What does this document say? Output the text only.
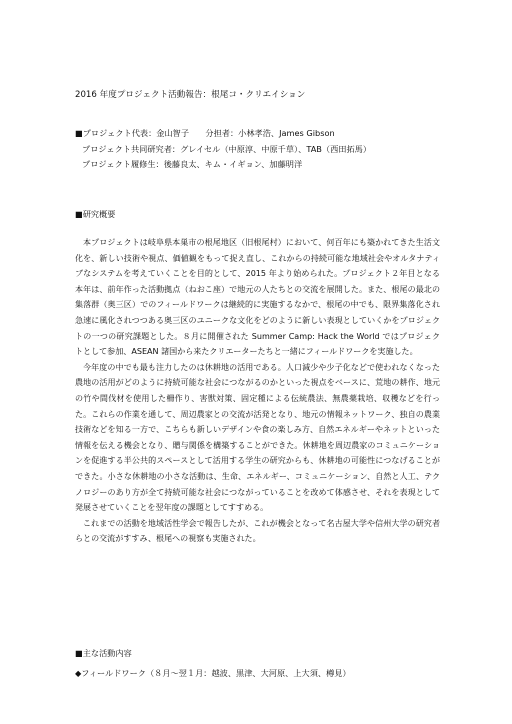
2016 年度プロジェクト活動報告：根尾コ・クリエイション
■プロジェクト代表：金山智子　　分担者：小林孝浩、James Gibson
プロジェクト共同研究者：グレイセル（中原淳、中原千草）、TAB（西田拓馬）
プロジェクト履修生：後藤良太、キム・イギョン、加藤明洋
■研究概要

本プロジェクトは岐阜県本巣市の根尾地区（旧根尾村）において、何百年にも築かれてきた生活文化を、新しい技術や視点、価値観をもって捉え直し、これからの持続可能な地域社会やオルタナティブなシステムを考えていくことを目的として、2015 年より始められた。プロジェクト２年目となる本年は、前年作った活動拠点（ねおこ座）で地元の人たちとの交流を展開した。また、根尾の最北の集落群（奥三区）でのフィールドワークは継続的に実施するなかで、根尾の中でも、限界集落化され急速に風化されつつある奥三区のユニークな文化をどのように新しい表現としていくかをプロジェクトの一つの研究課題とした。８月に開催された Summer Camp: Hack the World ではプロジェクトとして参加、ASEAN 諸国から来たクリエーターたちと一緒にフィールドワークを実施した。

今年度の中でも最も注力したのは休耕地の活用である。人口減少や少子化などで使われなくなった農地の活用がどのように持続可能な社会につながるのかといった視点をベースに、荒地の耕作、地元の竹や間伐材を使用した柵作り、害獣対策、固定種による伝統農法、無農薬栽培、収穫などを行った。これらの作業を通して、周辺農家との交流が活発となり、地元の情報ネットワーク、独自の農業技術などを知る一方で、こちらも新しいデザインや食の楽しみ方、自然エネルギーやネットといった情報を伝える機会となり、贈与関係を構築することができた。休耕地を周辺農家のコミュニケーションを促進する半公共的スペースとして活用する学生の研究からも、休耕地の可能性につなげることができた。小さな休耕地の小さな活動は、生命、エネルギー、コミュニケーション、自然と人工、テクノロジーのあり方が全て持続可能な社会につながっていることを改めて体感させ、それを表現として発展させていくことを翌年度の課題としてすすめる。

これまでの活動を地域活性学会で報告したが、これが機会となって名古屋大学や信州大学の研究者らとの交流がすすみ、根尾への視察も実施された。

■主な活動内容
◆フィールドワーク（８月〜翌１月：越波、黒津、大河原、上大須、樽見）
